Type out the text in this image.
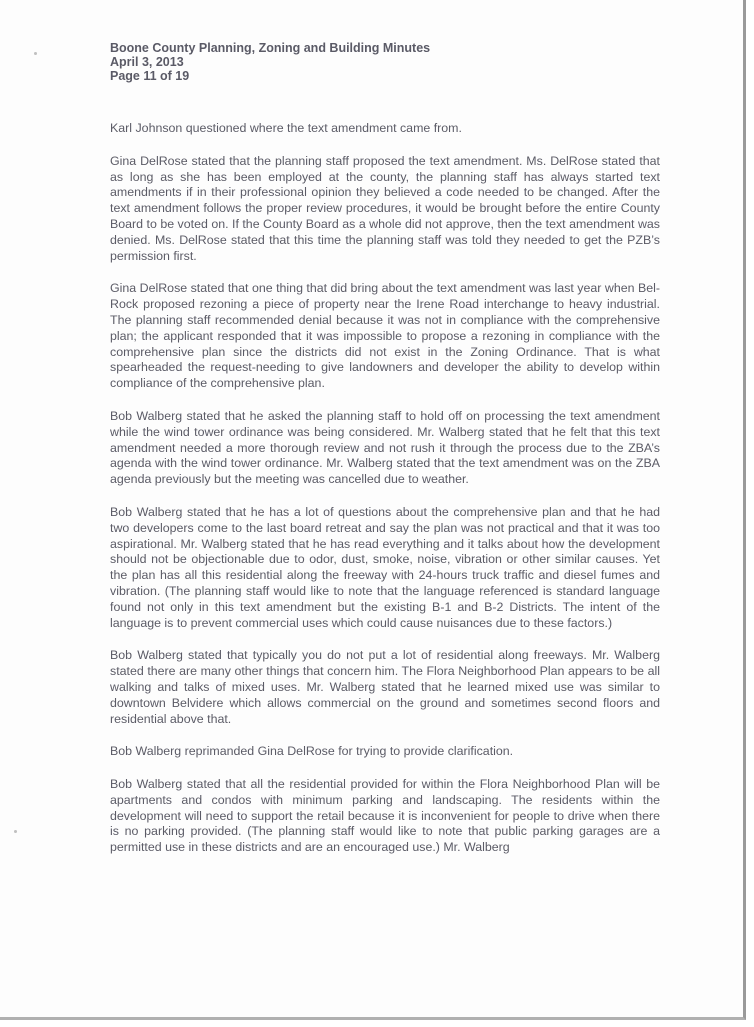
Boone County Planning, Zoning and Building Minutes
April 3, 2013
Page 11 of 19

Karl Johnson questioned where the text amendment came from.

Gina DelRose stated that the planning staff proposed the text amendment. Ms. DelRose stated that as long as she has been employed at the county, the planning staff has always started text amendments if in their professional opinion they believed a code needed to be changed. After the text amendment follows the proper review procedures, it would be brought before the entire County Board to be voted on. If the County Board as a whole did not approve, then the text amendment was denied. Ms. DelRose stated that this time the planning staff was told they needed to get the PZB’s permission first.

Gina DelRose stated that one thing that did bring about the text amendment was last year when Bel-Rock proposed rezoning a piece of property near the Irene Road interchange to heavy industrial. The planning staff recommended denial because it was not in compliance with the comprehensive plan; the applicant responded that it was impossible to propose a rezoning in compliance with the comprehensive plan since the districts did not exist in the Zoning Ordinance. That is what spearheaded the request-needing to give landowners and developer the ability to develop within compliance of the comprehensive plan.

Bob Walberg stated that he asked the planning staff to hold off on processing the text amendment while the wind tower ordinance was being considered. Mr. Walberg stated that he felt that this text amendment needed a more thorough review and not rush it through the process due to the ZBA’s agenda with the wind tower ordinance. Mr. Walberg stated that the text amendment was on the ZBA agenda previously but the meeting was cancelled due to weather.

Bob Walberg stated that he has a lot of questions about the comprehensive plan and that he had two developers come to the last board retreat and say the plan was not practical and that it was too aspirational. Mr. Walberg stated that he has read everything and it talks about how the development should not be objectionable due to odor, dust, smoke, noise, vibration or other similar causes. Yet the plan has all this residential along the freeway with 24-hours truck traffic and diesel fumes and vibration. (The planning staff would like to note that the language referenced is standard language found not only in this text amendment but the existing B-1 and B-2 Districts. The intent of the language is to prevent commercial uses which could cause nuisances due to these factors.)

Bob Walberg stated that typically you do not put a lot of residential along freeways. Mr. Walberg stated there are many other things that concern him. The Flora Neighborhood Plan appears to be all walking and talks of mixed uses. Mr. Walberg stated that he learned mixed use was similar to downtown Belvidere which allows commercial on the ground and sometimes second floors and residential above that.

Bob Walberg reprimanded Gina DelRose for trying to provide clarification.

Bob Walberg stated that all the residential provided for within the Flora Neighborhood Plan will be apartments and condos with minimum parking and landscaping. The residents within the development will need to support the retail because it is inconvenient for people to drive when there is no parking provided. (The planning staff would like to note that public parking garages are a permitted use in these districts and are an encouraged use.) Mr. Walberg
